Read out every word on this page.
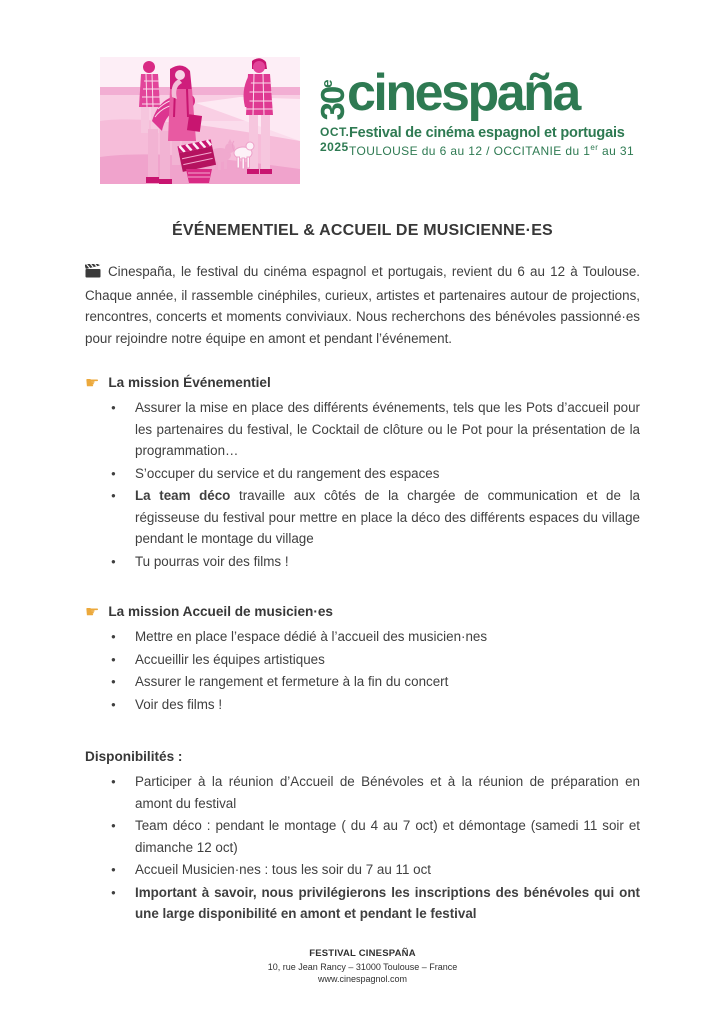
30e
OCT.
2025
cinespaña
Festival de cinéma espagnol et portugais
TOULOUSE du 6 au 12 / OCCITANIE du 1er au 31
ÉVÉNEMENTIEL & ACCUEIL DE MUSICIENNE·ES

Cinespaña, le festival du cinéma espagnol et portugais, revient du 6 au 12 à Toulouse. Chaque année, il rassemble cinéphiles, curieux, artistes et partenaires autour de projections, rencontres, concerts et moments conviviaux. Nous recherchons des bénévoles passionné·es pour rejoindre notre équipe en amont et pendant l’événement.

☛ La mission Événementiel
● Assurer la mise en place des différents événements, tels que les Pots d’accueil pour les partenaires du festival, le Cocktail de clôture ou le Pot pour la présentation de la programmation…
● S’occuper du service et du rangement des espaces
● La team déco travaille aux côtés de la chargée de communication et de la régisseuse du festival pour mettre en place la déco des différents espaces du village pendant le montage du village
● Tu pourras voir des films !
☛ La mission Accueil de musicien·es
● Mettre en place l’espace dédié à l’accueil des musicien·nes
● Accueillir les équipes artistiques
● Assurer le rangement et fermeture à la fin du concert
● Voir des films !
Disponibilités :
● Participer à la réunion d’Accueil de Bénévoles et à la réunion de préparation en amont du festival
● Team déco : pendant le montage ( du 4 au 7 oct) et démontage (samedi 11 soir et dimanche 12 oct)
● Accueil Musicien·nes : tous les soir du 7 au 11 oct
● Important à savoir, nous privilégierons les inscriptions des bénévoles qui ont une large disponibilité en amont et pendant le festival
FESTIVAL CINESPAÑA
10, rue Jean Rancy – 31000 Toulouse – France
www.cinespagnol.com
